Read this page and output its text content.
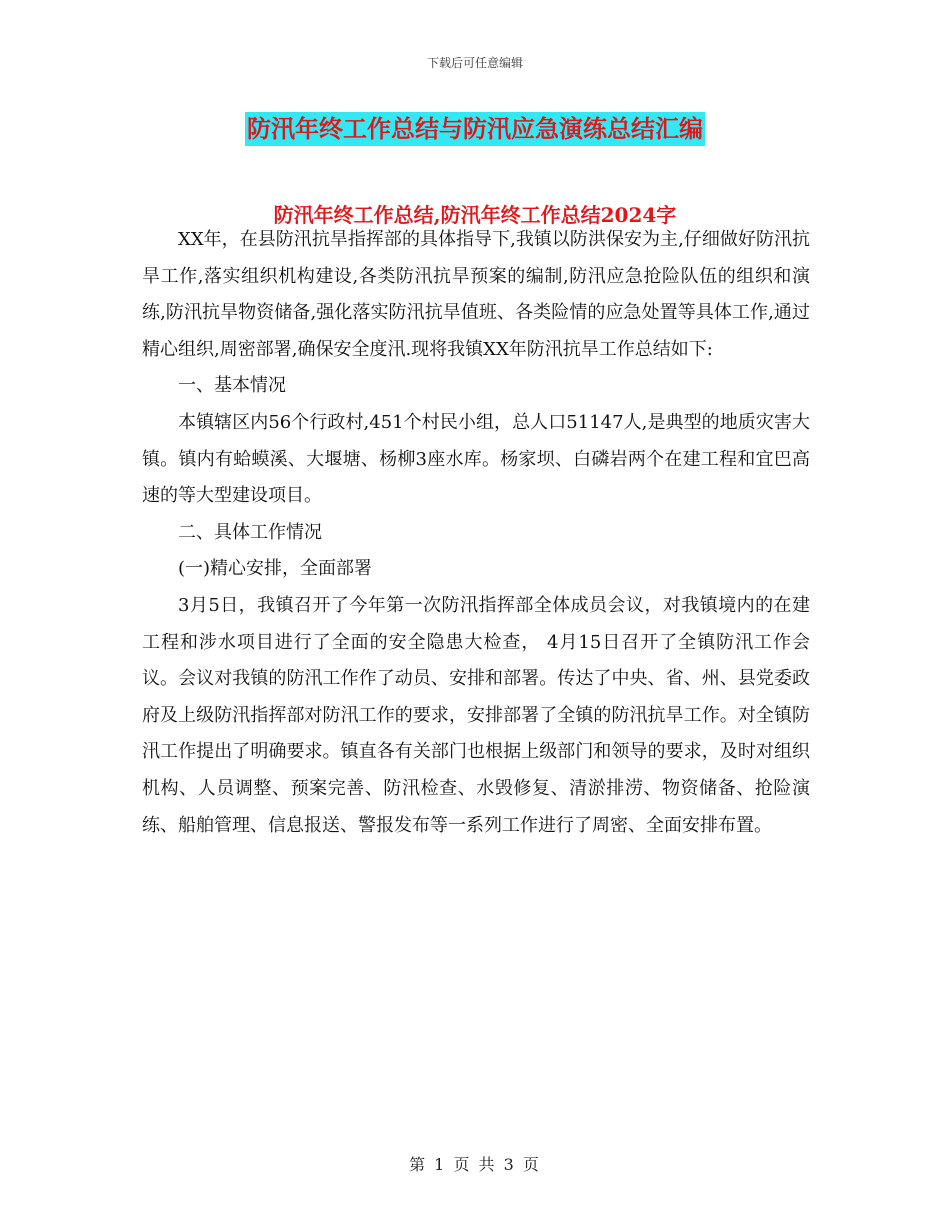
下载后可任意编辑
防汛年终工作总结与防汛应急演练总结汇编
防汛年终工作总结,防汛年终工作总结2024字

XX年，在县防汛抗旱指挥部的具体指导下,我镇以防洪保安为主,仔细做好防汛抗旱工作,落实组织机构建设,各类防汛抗旱预案的编制,防汛应急抢险队伍的组织和演练,防汛抗旱物资储备,强化落实防汛抗旱值班、各类险情的应急处置等具体工作,通过精心组织,周密部署,确保安全度汛.现将我镇XX年防汛抗旱工作总结如下:

一、基本情况

本镇辖区内56个行政村,451个村民小组，总人口51147人,是典型的地质灾害大镇。镇内有蛤蟆溪、大堰塘、杨柳3座水库。杨家坝、白磷岩两个在建工程和宜巴高速的等大型建设项目。

二、具体工作情况

(一)精心安排，全面部署

3月5日，我镇召开了今年第一次防汛指挥部全体成员会议，对我镇境内的在建工程和涉水项目进行了全面的安全隐患大检查， 4月15日召开了全镇防汛工作会议。会议对我镇的防汛工作作了动员、安排和部署。传达了中央、省、州、县党委政府及上级防汛指挥部对防汛工作的要求，安排部署了全镇的防汛抗旱工作。对全镇防汛工作提出了明确要求。镇直各有关部门也根据上级部门和领导的要求，及时对组织机构、人员调整、预案完善、防汛检查、水毁修复、清淤排涝、物资储备、抢险演练、船舶管理、信息报送、警报发布等一系列工作进行了周密、全面安排布置。

第 1 页 共 3 页
